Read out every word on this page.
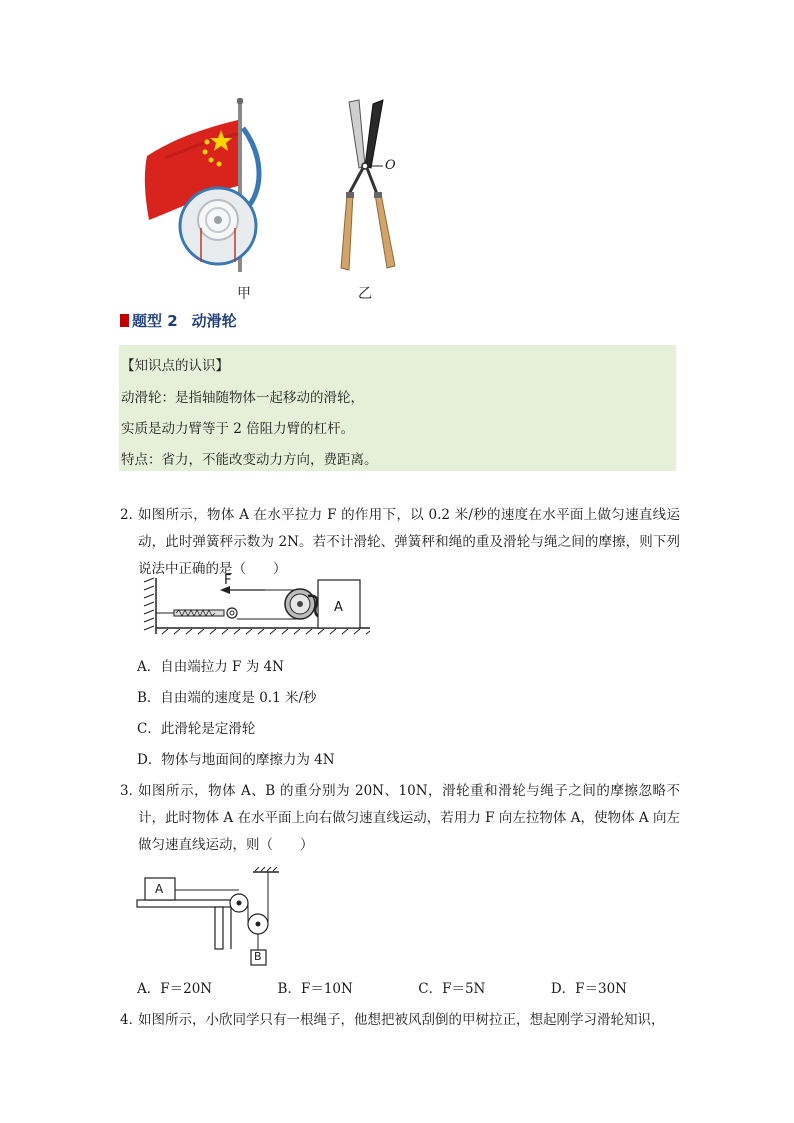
甲
O
乙
题型 2 动滑轮
【知识点的认识】
动滑轮：是指轴随物体一起移动的滑轮，
实质是动力臂等于 2 倍阻力臂的杠杆。
特点：省力，不能改变动力方向，费距离。
2．
如图所示，物体 A 在水平拉力 F 的作用下，以 0.2 米/秒的速度在水平面上做匀速直线运动，此时弹簧秤示数为 2N。若不计滑轮、弹簧秤和绳的重及滑轮与绳之间的摩擦，则下列说法中正确的是（　　）
F
A
A．自由端拉力 F 为 4N
B．自由端的速度是 0.1 米/秒
C．此滑轮是定滑轮
D．物体与地面间的摩擦力为 4N
3．
如图所示，物体 A、B 的重分别为 20N、10N，滑轮重和滑轮与绳子之间的摩擦忽略不计，此时物体 A 在水平面上向右做匀速直线运动，若用力 F 向左拉物体 A，使物体 A 向左做匀速直线运动，则（　　）
A
B
A．F＝20N	B．F＝10N	C．F＝5N	D．F＝30N
4．
如图所示，小欣同学只有一根绳子，他想把被风刮倒的甲树拉正，想起刚学习滑轮知识，
